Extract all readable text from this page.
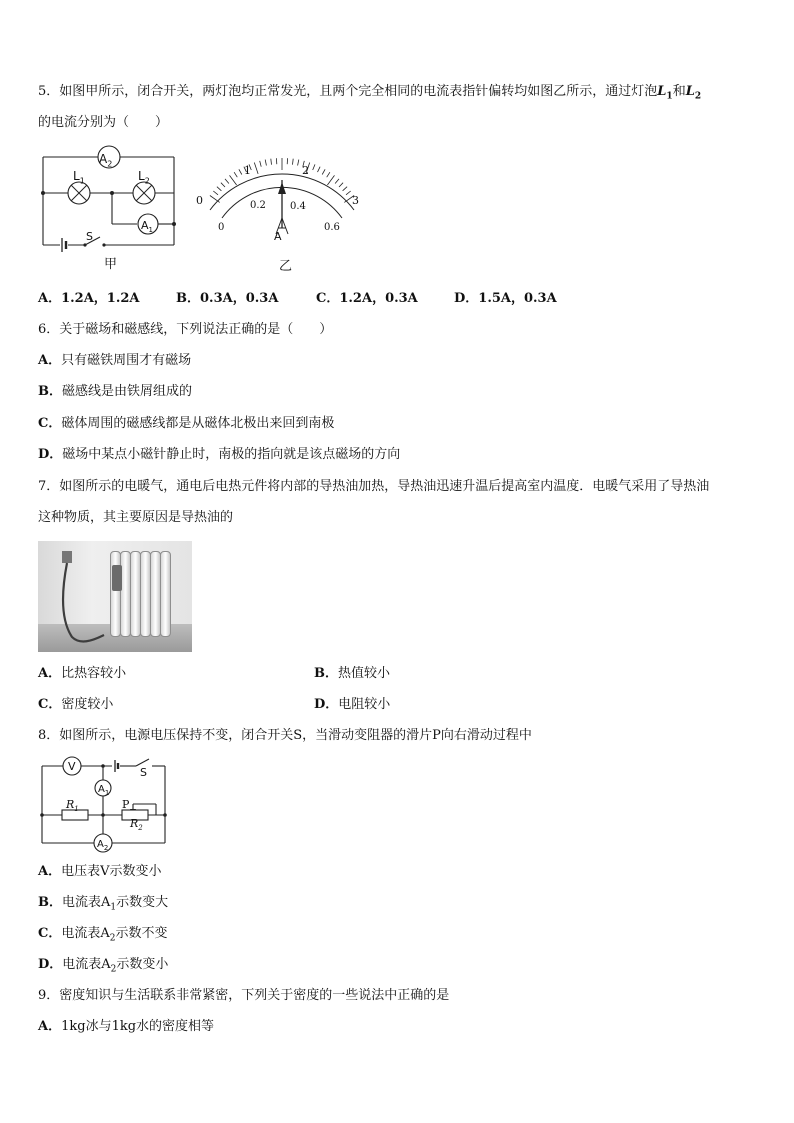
5．如图甲所示，闭合开关，两灯泡均正常发光，且两个完全相同的电流表指针偏转均如图乙所示，通过灯泡$L_1$和$L_2$
的电流分别为（　　）
$A_2$
$L_1$	$L_2$
$A_1$
S
甲
0
1	2
3
0
0.2 0.4
0.6
A
乙
A．1.2A，1.2A	B．0.3A，0.3A	C．1.2A，0.3A	D．1.5A，0.3A
6．关于磁场和磁感线，下列说法正确的是（　　）
A．只有磁铁周围才有磁场
B．磁感线是由铁屑组成的
C．磁体周围的磁感线都是从磁体北极出来回到南极
D．磁场中某点小磁针静止时，南极的指向就是该点磁场的方向
7．如图所示的电暖气，通电后电热元件将内部的导热油加热，导热油迅速升温后提高室内温度．电暖气采用了导热油
这种物质，其主要原因是导热油的
A．比热容较小	B．热值较小
C．密度较小	D．电阻较小
8．如图所示，电源电压保持不变，闭合开关S，当滑动变阻器的滑片P向右滑动过程中
V	S
$A_1$
$R_1$	P
$R_2$
$A_2$
A．电压表V示数变小
B．电流表$A_1$示数变大
C．电流表$A_2$示数不变
D．电流表$A_2$示数变小
9．密度知识与生活联系非常紧密，下列关于密度的一些说法中正确的是
A．1kg冰与1kg水的密度相等
